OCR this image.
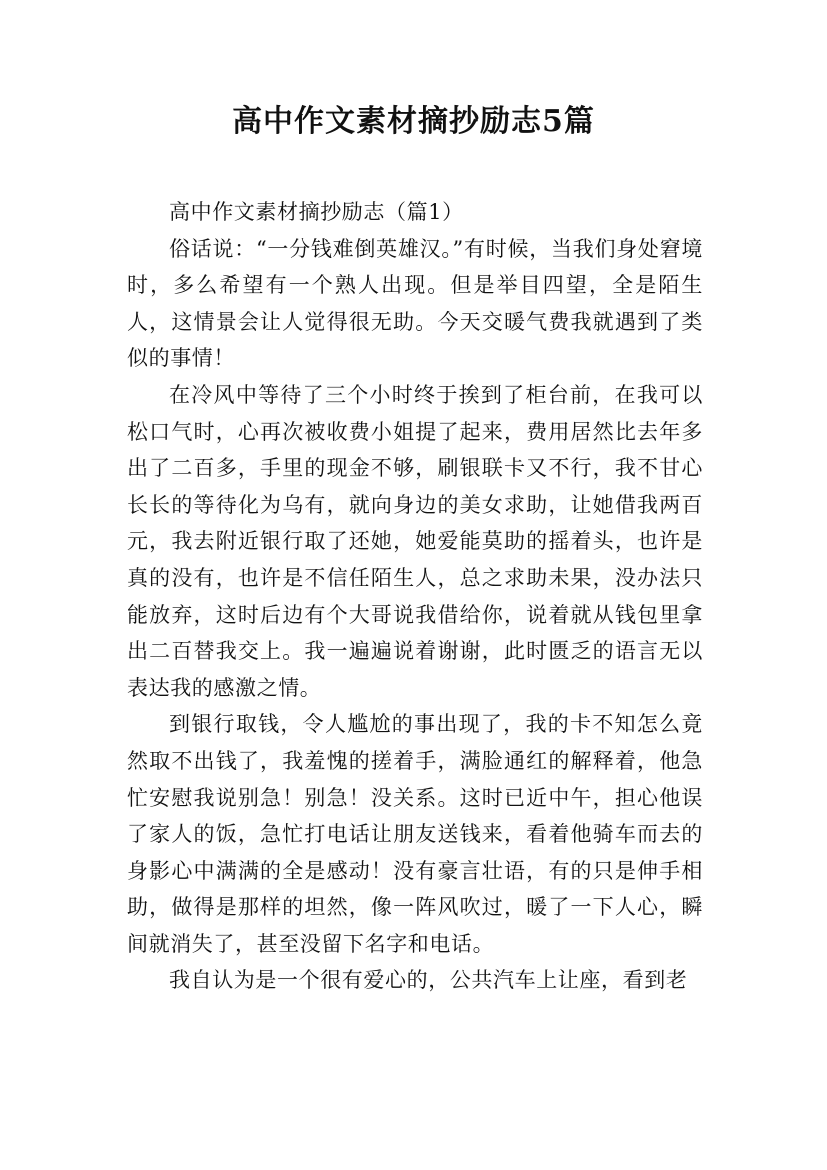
高中作文素材摘抄励志5篇

高中作文素材摘抄励志（篇1）

俗话说：“一分钱难倒英雄汉。”有时候，当我们身处窘境时，多么希望有一个熟人出现。但是举目四望，全是陌生人，这情景会让人觉得很无助。今天交暖气费我就遇到了类似的事情！

在冷风中等待了三个小时终于挨到了柜台前，在我可以松口气时，心再次被收费小姐提了起来，费用居然比去年多出了二百多，手里的现金不够，刷银联卡又不行，我不甘心长长的等待化为乌有，就向身边的美女求助，让她借我两百元，我去附近银行取了还她，她爱能莫助的摇着头，也许是真的没有，也许是不信任陌生人，总之求助未果，没办法只能放弃，这时后边有个大哥说我借给你，说着就从钱包里拿出二百替我交上。我一遍遍说着谢谢，此时匮乏的语言无以表达我的感激之情。

到银行取钱，令人尴尬的事出现了，我的卡不知怎么竟然取不出钱了，我羞愧的搓着手，满脸通红的解释着，他急忙安慰我说别急！别急！没关系。这时已近中午，担心他误了家人的饭，急忙打电话让朋友送钱来，看着他骑车而去的身影心中满满的全是感动！没有豪言壮语，有的只是伸手相助，做得是那样的坦然，像一阵风吹过，暖了一下人心，瞬间就消失了，甚至没留下名字和电话。

我自认为是一个很有爱心的，公共汽车上让座，看到老
